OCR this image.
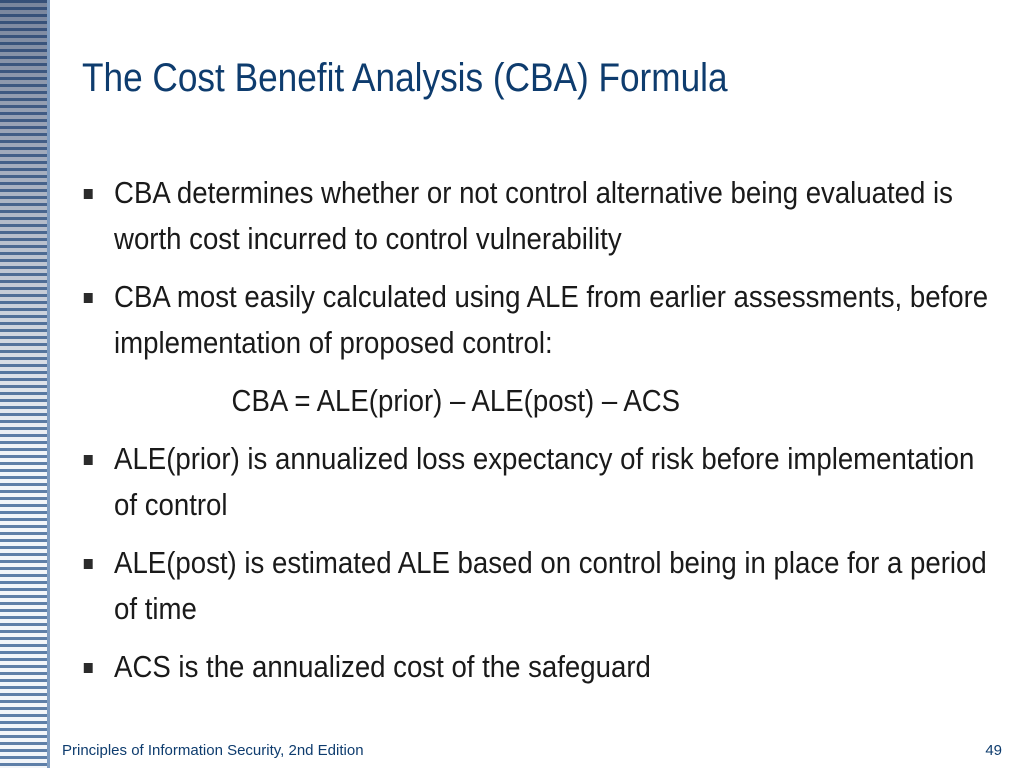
The Cost Benefit Analysis (CBA) Formula
CBA determines whether or not control alternative being evaluated is worth cost incurred to control vulnerability
CBA most easily calculated using ALE from earlier assessments, before implementation of proposed control:
CBA = ALE(prior) – ALE(post) – ACS
ALE(prior) is annualized loss expectancy of risk before implementation of control
ALE(post) is estimated ALE based on control being in place for a period of time
ACS is the annualized cost of the safeguard
Principles of Information Security, 2nd Edition	49
